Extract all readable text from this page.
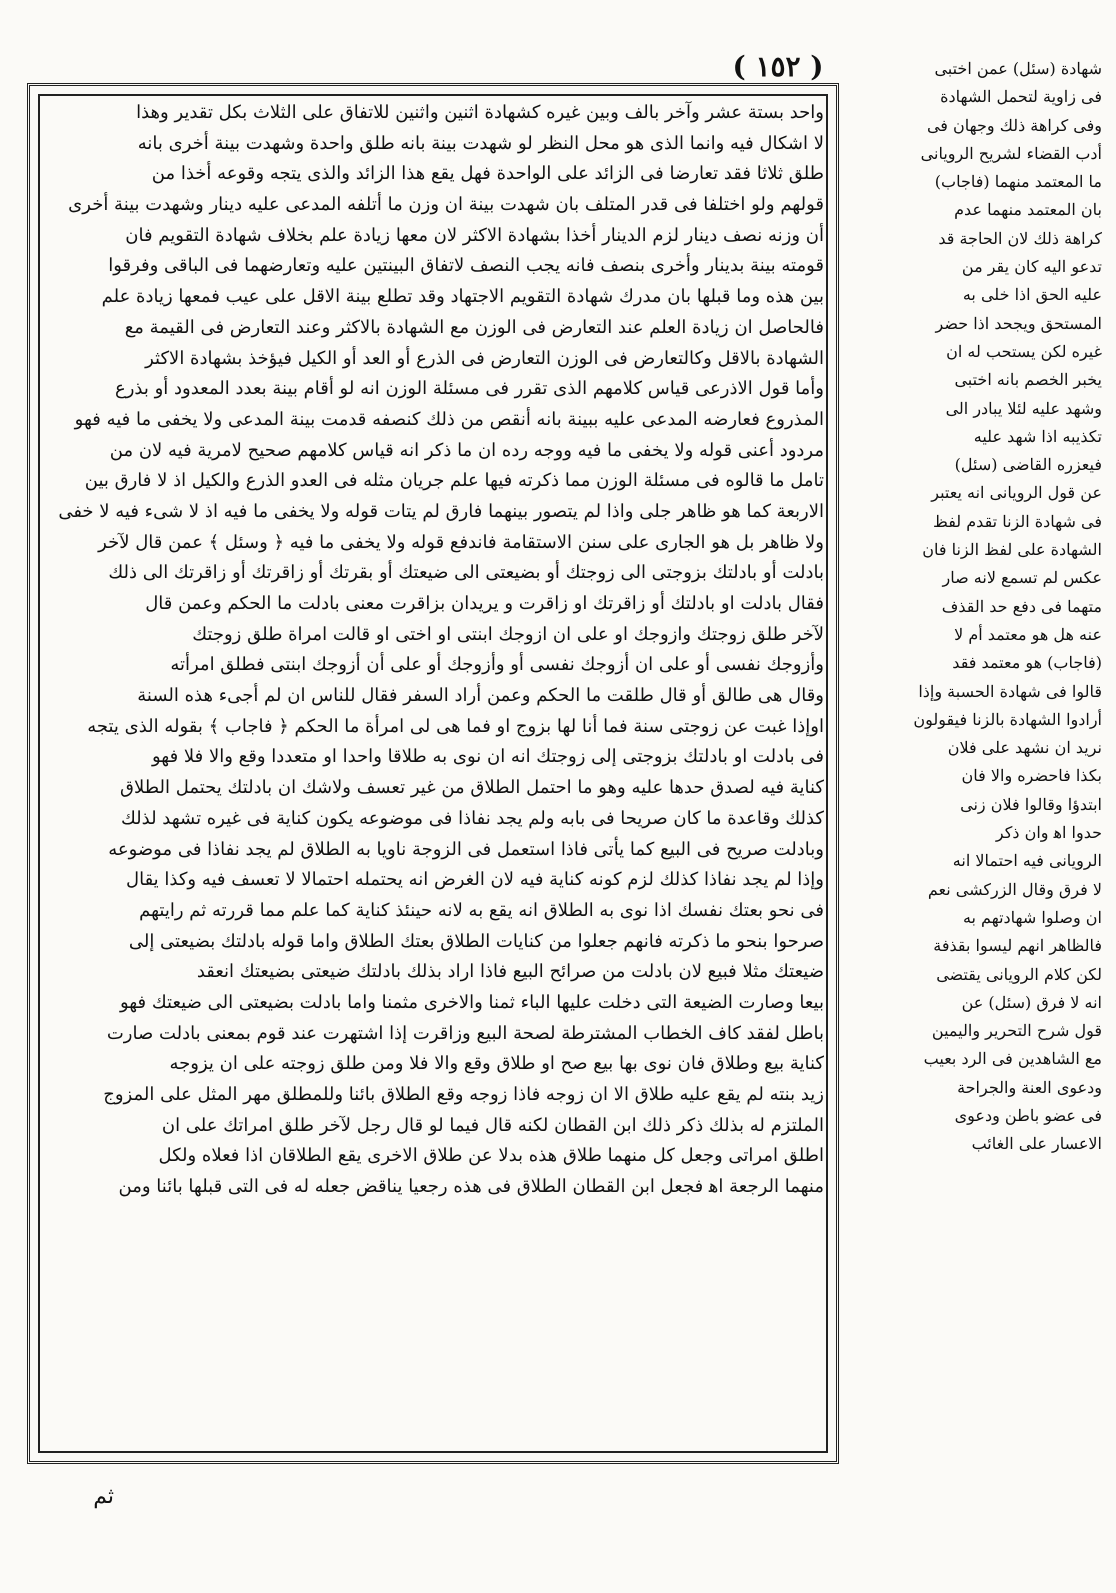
( ١٥٢ )
واحد بستة عشر وآخر بالف وبين غيره كشهادة اثنين واثنين للاتفاق على الثلاث بكل تقدير وهذا
لا اشكال فيه وانما الذى هو محل النظر لو شهدت بينة بانه طلق واحدة وشهدت بينة أخرى بانه
طلق ثلاثا فقد تعارضا فى الزائد على الواحدة فهل يقع هذا الزائد والذى يتجه وقوعه أخذا من
قولهم ولو اختلفا فى قدر المتلف بان شهدت بينة ان وزن ما أتلفه المدعى عليه دينار وشهدت بينة أخرى
أن وزنه نصف دينار لزم الدينار أخذا بشهادة الاكثر لان معها زيادة علم بخلاف شهادة التقويم فان
قومته بينة بدينار وأخرى بنصف فانه يجب النصف لاتفاق البينتين عليه وتعارضهما فى الباقى وفرقوا
بين هذه وما قبلها بان مدرك شهادة التقويم الاجتهاد وقد تطلع بينة الاقل على عيب فمعها زيادة علم
فالحاصل ان زيادة العلم عند التعارض فى الوزن مع الشهادة بالاكثر وعند التعارض فى القيمة مع
الشهادة بالاقل وكالتعارض فى الوزن التعارض فى الذرع أو العد أو الكيل فيؤخذ بشهادة الاكثر
وأما قول الاذرعى قياس كلامهم الذى تقرر فى مسئلة الوزن انه لو أقام بينة بعدد المعدود أو بذرع
المذروع فعارضه المدعى عليه ببينة بانه أنقص من ذلك كنصفه قدمت بينة المدعى ولا يخفى ما فيه فهو
مردود أعنى قوله ولا يخفى ما فيه ووجه رده ان ما ذكر انه قياس كلامهم صحيح لامرية فيه لان من
تامل ما قالوه فى مسئلة الوزن مما ذكرته فيها علم جريان مثله فى العدو الذرع والكيل اذ لا فارق بين
الاربعة كما هو ظاهر جلى واذا لم يتصور بينهما فارق لم يتات قوله ولا يخفى ما فيه اذ لا شىء فيه لا خفى
ولا ظاهر بل هو الجارى على سنن الاستقامة فاندفع قوله ولا يخفى ما فيه ﴿ وسئل ﴾ عمن قال لآخر
بادلت أو بادلتك بزوجتى الى زوجتك أو بضيعتى الى ضيعتك أو بقرتك أو زاقرتك أو زاقرتك الى ذلك
فقال بادلت او بادلتك أو زاقرتك او زاقرت و يريدان بزاقرت معنى بادلت ما الحكم وعمن قال
لآخر طلق زوجتك وازوجك او على ان ازوجك ابنتى او اختى او قالت امراة طلق زوجتك
وأزوجك نفسى أو على ان أزوجك نفسى أو وأزوجك أو على أن أزوجك ابنتى فطلق امرأته
وقال هى طالق أو قال طلقت ما الحكم وعمن أراد السفر فقال للناس ان لم أجىء هذه السنة
اوإذا غبت عن زوجتى سنة فما أنا لها بزوج او فما هى لى امرأة ما الحكم ﴿ فاجاب ﴾ بقوله الذى يتجه
فى بادلت او بادلتك بزوجتى إلى زوجتك انه ان نوى به طلاقا واحدا او متعددا وقع والا فلا فهو
كناية فيه لصدق حدها عليه وهو ما احتمل الطلاق من غير تعسف ولاشك ان بادلتك يحتمل الطلاق
كذلك وقاعدة ما كان صريحا فى بابه ولم يجد نفاذا فى موضوعه يكون كناية فى غيره تشهد لذلك
وبادلت صريح فى البيع كما يأتى فاذا استعمل فى الزوجة ناويا به الطلاق لم يجد نفاذا فى موضوعه
وإذا لم يجد نفاذا كذلك لزم كونه كناية فيه لان الغرض انه يحتمله احتمالا لا تعسف فيه وكذا يقال
فى نحو بعتك نفسك اذا نوى به الطلاق انه يقع به لانه حينئذ كناية كما علم مما قررته ثم رايتهم
صرحوا بنحو ما ذكرته فانهم جعلوا من كنايات الطلاق بعتك الطلاق واما قوله بادلتك بضيعتى إلى
ضيعتك مثلا فبيع لان بادلت من صرائح البيع فاذا اراد بذلك بادلتك ضيعتى بضيعتك انعقد
بيعا وصارت الضيعة التى دخلت عليها الباء ثمنا والاخرى مثمنا واما بادلت بضيعتى الى ضيعتك فهو
باطل لفقد كاف الخطاب المشترطة لصحة البيع وزاقرت إذا اشتهرت عند قوم بمعنى بادلت صارت
كناية بيع وطلاق فان نوى بها بيع صح او طلاق وقع والا فلا ومن طلق زوجته على ان يزوجه
زيد بنته لم يقع عليه طلاق الا ان زوجه فاذا زوجه وقع الطلاق بائنا وللمطلق مهر المثل على المزوج
الملتزم له بذلك ذكر ذلك ابن القطان لكنه قال فيما لو قال رجل لآخر طلق امراتك على ان
اطلق امراتى وجعل كل منهما طلاق هذه بدلا عن طلاق الاخرى يقع الطلاقان اذا فعلاه ولكل
منهما الرجعة اﻫ فجعل ابن القطان الطلاق فى هذه رجعيا يناقض جعله له فى التى قبلها بائنا ومن
شهادة (سئل) عمن اختبى
فى زاوية لتحمل الشهادة
وفى كراهة ذلك وجهان فى
أدب القضاء لشريح الرويانى
ما المعتمد منهما (فاجاب)
بان المعتمد منهما عدم
كراهة ذلك لان الحاجة قد
تدعو اليه كان يقر من
عليه الحق اذا خلى به
المستحق ويجحد اذا حضر
غيره لكن يستحب له ان
يخبر الخصم بانه اختبى
وشهد عليه لئلا يبادر الى
تكذيبه اذا شهد عليه
فيعزره القاضى (سئل)
عن قول الرويانى انه يعتبر
فى شهادة الزنا تقدم لفظ
الشهادة على لفظ الزنا فان
عكس لم تسمع لانه صار
متهما فى دفع حد القذف
عنه هل هو معتمد أم لا
(فاجاب) هو معتمد فقد
قالوا فى شهادة الحسبة وإذا
أرادوا الشهادة بالزنا فيقولون
نريد ان نشهد على فلان
بكذا فاحضره والا فان
ابتدؤا وقالوا فلان زنى
حدوا اﻫ وان ذكر
الرويانى فيه احتمالا انه
لا فرق وقال الزركشى نعم
ان وصلوا شهادتهم به
فالظاهر انهم ليسوا بقذفة
لكن كلام الرويانى يقتضى
انه لا فرق (سئل) عن
قول شرح التحرير واليمين
مع الشاهدين فى الرد بعيب
ودعوى العنة والجراحة
فى عضو باطن ودعوى
الاعسار على الغائب
ثم
